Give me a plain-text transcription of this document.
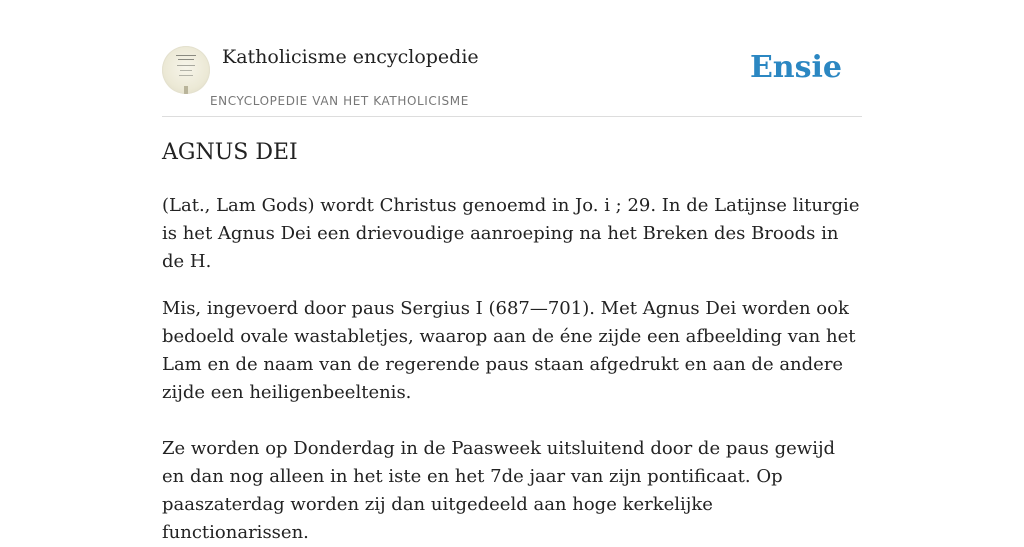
Katholicisme encyclopedie
ENCYCLOPEDIE VAN HET KATHOLICISME
Ensie
AGNUS DEI

(Lat., Lam Gods) wordt Christus genoemd in Jo. i ; 29. In de Latijnse liturgie is het Agnus Dei een drievoudige aanroeping na het Breken des Broods in de H.

Mis, ingevoerd door paus Sergius I (687—701). Met Agnus Dei worden ook bedoeld ovale wastabletjes, waarop aan de éne zijde een afbeelding van het Lam en de naam van de regerende paus staan afgedrukt en aan de andere zijde een heiligenbeeltenis.

Ze worden op Donderdag in de Paasweek uitsluitend door de paus gewijd en dan nog alleen in het iste en het 7de jaar van zijn pontificaat. Op paaszaterdag worden zij dan uitgedeeld aan hoge kerkelijke functionarissen.
